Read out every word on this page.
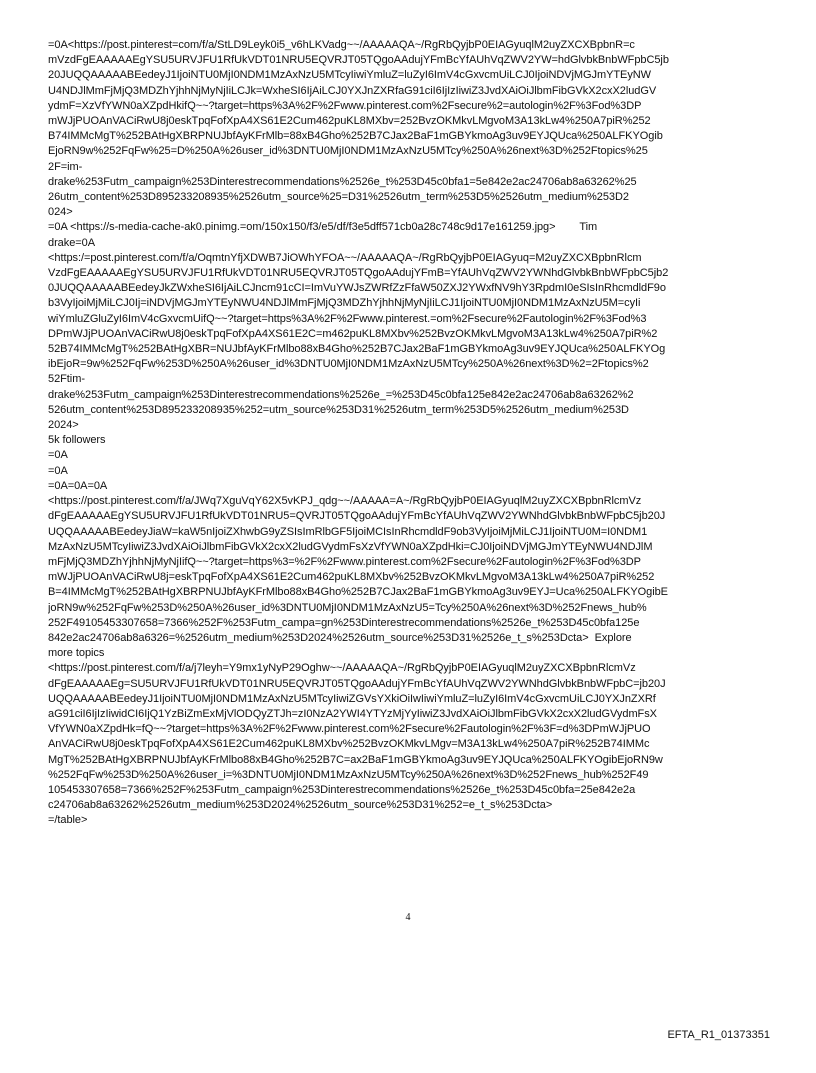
=0A<https://post.pinterest=com/f/a/StLD9Leyk0i5_v6hLKVadg~~/AAAAAQA~/RgRbQyjbP0EIAGyuqlM2uyZXCXBpbnR=c
mVzdFgEAAAAAEgYSU5URVJFU1RfUkVDT01NRU5EQVRJT05TQgoAAdujYFmBcYfAUhVqZWV2YW=hdGlvbkBnbWFpbC5jb
20JUQQAAAAABEedeyJ1IjoiNTU0MjI0NDM1MzAxNzU5MTcyIiwiYmluZ=luZyI6ImV4cGxvcmUiLCJ0IjoiNDVjMGJmYTEyNW
U4NDJlMmFjMjQ3MDZhYjhhNjMyNjIiLCJk=WxheSI6IjAiLCJ0YXJnZXRfaG91ciI6IjIzIiwiZ3JvdXAiOiJlbmFibGVkX2cxX2ludGV
ydmF=XzVfYWN0aXZpdHkifQ~~?target=https%3A%2F%2Fwww.pinterest.com%2Fsecure%2=autologin%2F%3Fod%3DP
mWJjPUOAnVACiRwU8j0eskTpqFofXpA4XS61E2Cum462puKL8MXbv=252BvzOKMkvLMgvoM3A13kLw4%250A7piR%252
B74IMMcMgT%252BAtHgXBRPNUJbfAyKFrMlb=88xB4Gho%252B7CJax2BaF1mGBYkmoAg3uv9EYJQUca%250ALFKYOgib
EjoRN9w%252FqFw%25=D%250A%26user_id%3DNTU0MjI0NDM1MzAxNzU5MTcy%250A%26next%3D%252Ftopics%25
2F=im-
drake%253Futm_campaign%253Dinterestrecommendations%2526e_t%253D45c0bfa1=5e842e2ac24706ab8a63262%25
26utm_content%253D895233208935%2526utm_source%25=D31%2526utm_term%253D5%2526utm_medium%253D2
024>
=0A <https://s-media-cache-ak0.pinimg.=om/150x150/f3/e5/df/f3e5dff571cb0a28c748c9d17e161259.jpg>        Tim
drake=0A
<https:/=post.pinterest.com/f/a/OqmtnYfjXDWB7JiOWhYFOA~~/AAAAAQA~/RgRbQyjbP0EIAGyuq=M2uyZXCXBpbnRlcm
VzdFgEAAAAAEgYSU5URVJFU1RfUkVDT01NRU5EQVRJT05TQgoAAdujYFmB=YfAUhVqZWV2YWNhdGlvbkBnbWFpbC5jb2
0JUQQAAAAABEedeyJkZWxheSI6IjAiLCJncm91cCI=ImVuYWJsZWRfZzFfaW50ZXJ2YWxfNV9hY3RpdmI0eSIsInRhcmdldF9o
b3VyIjoiMjMiLCJ0Ij=iNDVjMGJmYTEyNWU4NDJlMmFjMjQ3MDZhYjhhNjMyNjIiLCJ1IjoiNTU0MjI0NDM1MzAxNzU5M=cyIi
wiYmluZGluZyI6ImV4cGxvcmUifQ~~?target=https%3A%2F%2Fwww.pinterest.=om%2Fsecure%2Fautologin%2F%3Fod%3
DPmWJjPUOAnVACiRwU8j0eskTpqFofXpA4XS61E2C=m462puKL8MXbv%252BvzOKMkvLMgvoM3A13kLw4%250A7piR%2
52B74IMMcMgT%252BAtHgXBR=NUJbfAyKFrMlbo88xB4Gho%252B7CJax2BaF1mGBYkmoAg3uv9EYJQUca%250ALFKYOg
ibEjoR=9w%252FqFw%253D%250A%26user_id%3DNTU0MjI0NDM1MzAxNzU5MTcy%250A%26next%3D%2=2Ftopics%2
52Ftim-
drake%253Futm_campaign%253Dinterestrecommendations%2526e_=%253D45c0bfa125e842e2ac24706ab8a63262%2
526utm_content%253D895233208935%252=utm_source%253D31%2526utm_term%253D5%2526utm_medium%253D
2024>
5k followers
=0A
=0A
=0A=0A=0A
<https://post.pinterest.com/f/a/JWq7XguVqY62X5vKPJ_qdg~~/AAAAA=A~/RgRbQyjbP0EIAGyuqlM2uyZXCXBpbnRlcmVz
dFgEAAAAAEgYSU5URVJFU1RfUkVDT01NRU5=QVRJT05TQgoAAdujYFmBcYfAUhVqZWV2YWNhdGlvbkBnbWFpbC5jb20J
UQQAAAAABEedeyJiaW=kaW5nIjoiZXhwbG9yZSIsImRlbGF5IjoiMCIsInRhcmdldF9ob3VyIjoiMjMiLCJ1IjoiNTU0M=I0NDM1
MzAxNzU5MTcyIiwiZ3JvdXAiOiJlbmFibGVkX2cxX2ludGVydmFsXzVfYWN0aXZpdHki=CJ0IjoiNDVjMGJmYTEyNWU4NDJlM
mFjMjQ3MDZhYjhhNjMyNjIifQ~~?target=https%3=%2F%2Fwww.pinterest.com%2Fsecure%2Fautologin%2F%3Fod%3DP
mWJjPUOAnVACiRwU8j=eskTpqFofXpA4XS61E2Cum462puKL8MXbv%252BvzOKMkvLMgvoM3A13kLw4%250A7piR%252
B=4IMMcMgT%252BAtHgXBRPNUJbfAyKFrMlbo88xB4Gho%252B7CJax2BaF1mGBYkmoAg3uv9EYJ=Uca%250ALFKYOgibE
joRN9w%252FqFw%253D%250A%26user_id%3DNTU0MjI0NDM1MzAxNzU5=Tcy%250A%26next%3D%252Fnews_hub%
252F49105453307658=7366%252F%253Futm_campa=gn%253Dinterestrecommendations%2526e_t%253D45c0bfa125e
842e2ac24706ab8a6326=%2526utm_medium%253D2024%2526utm_source%253D31%2526e_t_s%253Dcta>  Explore
more topics
<https://post.pinterest.com/f/a/j7leyh=Y9mx1yNyP29Oghw~~/AAAAAQA~/RgRbQyjbP0EIAGyuqlM2uyZXCXBpbnRlcmVz
dFgEAAAAAEg=SU5URVJFU1RfUkVDT01NRU5EQVRJT05TQgoAAdujYFmBcYfAUhVqZWV2YWNhdGlvbkBnbWFpbC=jb20J
UQQAAAAABEedeyJ1IjoiNTU0MjI0NDM1MzAxNzU5MTcyIiwiZGVsYXkiOiIwIiwiYmluZ=luZyI6ImV4cGxvcmUiLCJ0YXJnZXRf
aG91ciI6IjIzIiwidCI6IjQ1YzBiZmExMjVlODQyZTJh=zI0NzA2YWI4YTYzMjYyIiwiZ3JvdXAiOiJlbmFibGVkX2cxX2ludGVydmFsX
VfYWN0aXZpdHk=fQ~~?target=https%3A%2F%2Fwww.pinterest.com%2Fsecure%2Fautologin%2F%3F=d%3DPmWJjPUO
AnVACiRwU8j0eskTpqFofXpA4XS61E2Cum462puKL8MXbv%252BvzOKMkvLMgv=M3A13kLw4%250A7piR%252B74IMMc
MgT%252BAtHgXBRPNUJbfAyKFrMlbo88xB4Gho%252B7C=ax2BaF1mGBYkmoAg3uv9EYJQUca%250ALFKYOgibEjoRN9w
%252FqFw%253D%250A%26user_i=%3DNTU0MjI0NDM1MzAxNzU5MTcy%250A%26next%3D%252Fnews_hub%252F49
105453307658=7366%252F%253Futm_campaign%253Dinterestrecommendations%2526e_t%253D45c0bfa=25e842e2a
c24706ab8a63262%2526utm_medium%253D2024%2526utm_source%253D31%252=e_t_s%253Dcta>
=/table>
4
EFTA_R1_01373351
